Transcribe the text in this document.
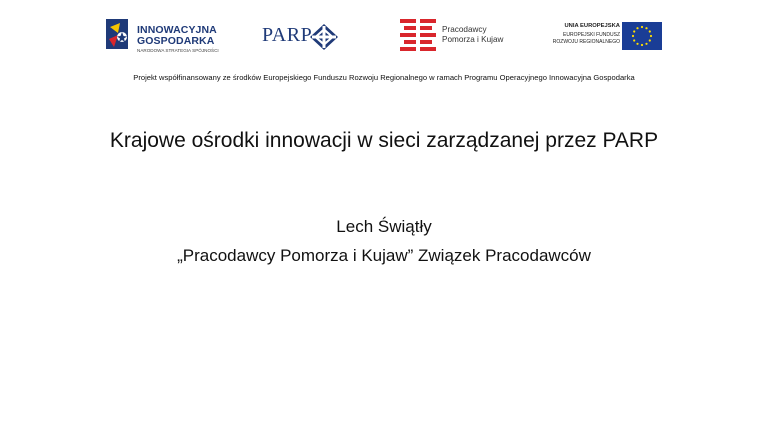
INNOWACYJNA
GOSPODARKA
NARODOWA STRATEGIA SPÓJNOŚCI
PARP	Pracodawcy
Pomorza i Kujaw
UNIA EUROPEJSKA
EUROPEJSKI FUNDUSZ
ROZWOJU REGIONALNEGO
Projekt współfinansowany ze środków Europejskiego Funduszu Rozwoju Regionalnego w ramach Programu Operacyjnego Innowacyjna Gospodarka
Krajowe ośrodki innowacji w sieci zarządzanej przez PARP
Lech Świątły
„Pracodawcy Pomorza i Kujaw” Związek Pracodawców
